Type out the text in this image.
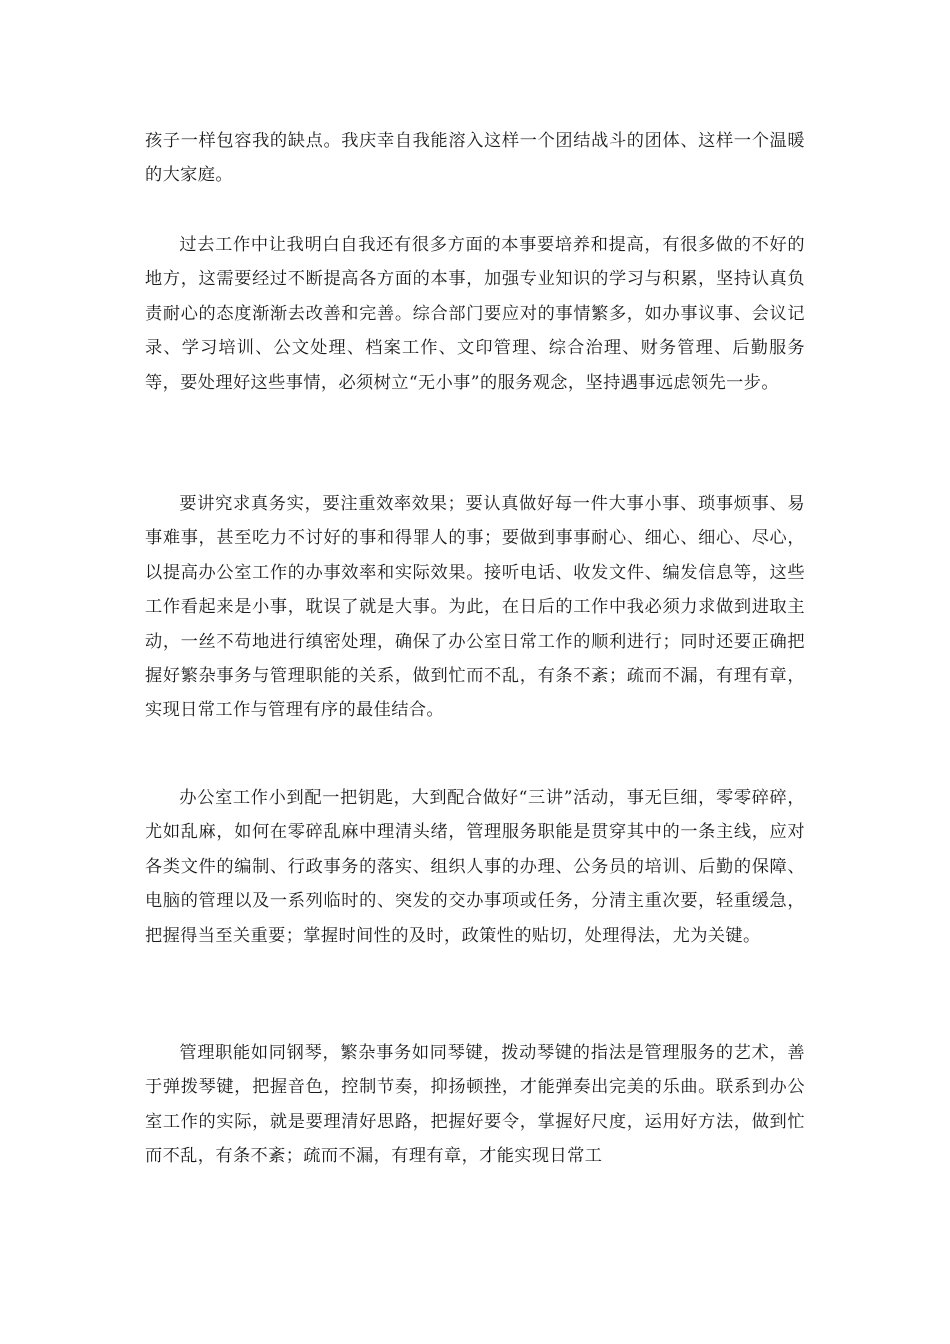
孩子一样包容我的缺点。我庆幸自我能溶入这样一个团结战斗的团体、这样一个温暖的大家庭。

过去工作中让我明白自我还有很多方面的本事要培养和提高，有很多做的不好的地方，这需要经过不断提高各方面的本事，加强专业知识的学习与积累，坚持认真负责耐心的态度渐渐去改善和完善。综合部门要应对的事情繁多，如办事议事、会议记录、学习培训、公文处理、档案工作、文印管理、综合治理、财务管理、后勤服务等，要处理好这些事情，必须树立“无小事”的服务观念，坚持遇事远虑领先一步。

要讲究求真务实，要注重效率效果；要认真做好每一件大事小事、琐事烦事、易事难事，甚至吃力不讨好的事和得罪人的事；要做到事事耐心、细心、细心、尽心，以提高办公室工作的办事效率和实际效果。接听电话、收发文件、编发信息等，这些工作看起来是小事，耽误了就是大事。为此，在日后的工作中我必须力求做到进取主动，一丝不苟地进行缜密处理，确保了办公室日常工作的顺利进行；同时还要正确把握好繁杂事务与管理职能的关系，做到忙而不乱，有条不紊；疏而不漏，有理有章，实现日常工作与管理有序的最佳结合。

办公室工作小到配一把钥匙，大到配合做好“三讲”活动，事无巨细，零零碎碎，尤如乱麻，如何在零碎乱麻中理清头绪，管理服务职能是贯穿其中的一条主线，应对各类文件的编制、行政事务的落实、组织人事的办理、公务员的培训、后勤的保障、电脑的管理以及一系列临时的、突发的交办事项或任务，分清主重次要，轻重缓急，把握得当至关重要；掌握时间性的及时，政策性的贴切，处理得法，尤为关键。

管理职能如同钢琴，繁杂事务如同琴键，拨动琴键的指法是管理服务的艺术，善于弹拨琴键，把握音色，控制节奏，抑扬顿挫，才能弹奏出完美的乐曲。联系到办公室工作的实际，就是要理清好思路，把握好要令，掌握好尺度，运用好方法，做到忙而不乱，有条不紊；疏而不漏，有理有章，才能实现日常工
